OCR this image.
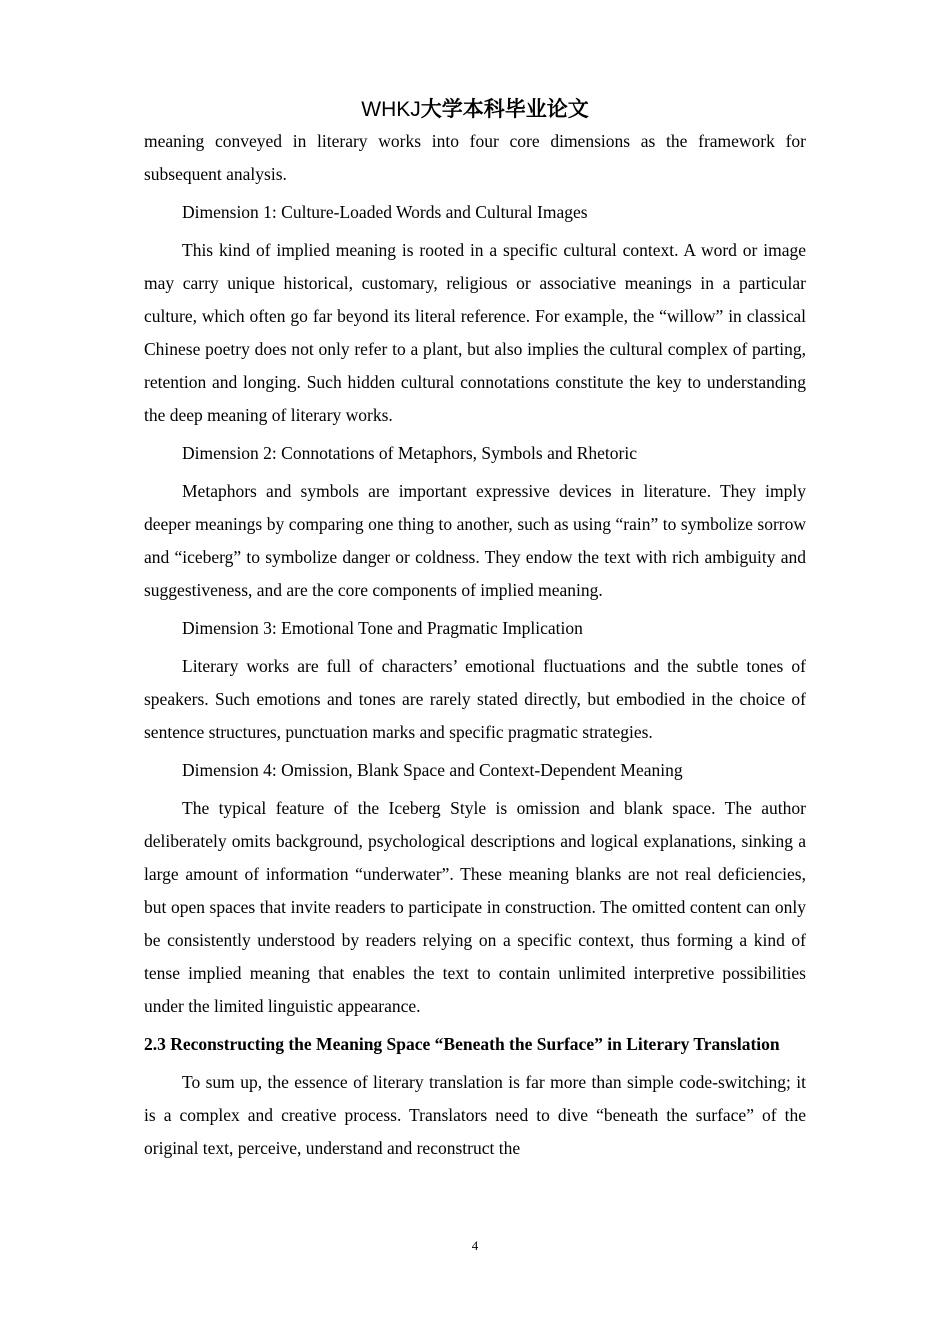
WHKJ大学本科毕业论文

meaning conveyed in literary works into four core dimensions as the framework for subsequent analysis.

Dimension 1: Culture-Loaded Words and Cultural Images

This kind of implied meaning is rooted in a specific cultural context. A word or image may carry unique historical, customary, religious or associative meanings in a particular culture, which often go far beyond its literal reference. For example, the “willow” in classical Chinese poetry does not only refer to a plant, but also implies the cultural complex of parting, retention and longing. Such hidden cultural connotations constitute the key to understanding the deep meaning of literary works.

Dimension 2: Connotations of Metaphors, Symbols and Rhetoric

Metaphors and symbols are important expressive devices in literature. They imply deeper meanings by comparing one thing to another, such as using “rain” to symbolize sorrow and “iceberg” to symbolize danger or coldness. They endow the text with rich ambiguity and suggestiveness, and are the core components of implied meaning.

Dimension 3: Emotional Tone and Pragmatic Implication

Literary works are full of characters’ emotional fluctuations and the subtle tones of speakers. Such emotions and tones are rarely stated directly, but embodied in the choice of sentence structures, punctuation marks and specific pragmatic strategies.

Dimension 4: Omission, Blank Space and Context-Dependent Meaning

The typical feature of the Iceberg Style is omission and blank space. The author deliberately omits background, psychological descriptions and logical explanations, sinking a large amount of information “underwater”. These meaning blanks are not real deficiencies, but open spaces that invite readers to participate in construction. The omitted content can only be consistently understood by readers relying on a specific context, thus forming a kind of tense implied meaning that enables the text to contain unlimited interpretive possibilities under the limited linguistic appearance.

2.3 Reconstructing the Meaning Space “Beneath the Surface” in Literary Translation

To sum up, the essence of literary translation is far more than simple code-switching; it is a complex and creative process. Translators need to dive “beneath the surface” of the original text, perceive, understand and reconstruct the

4
